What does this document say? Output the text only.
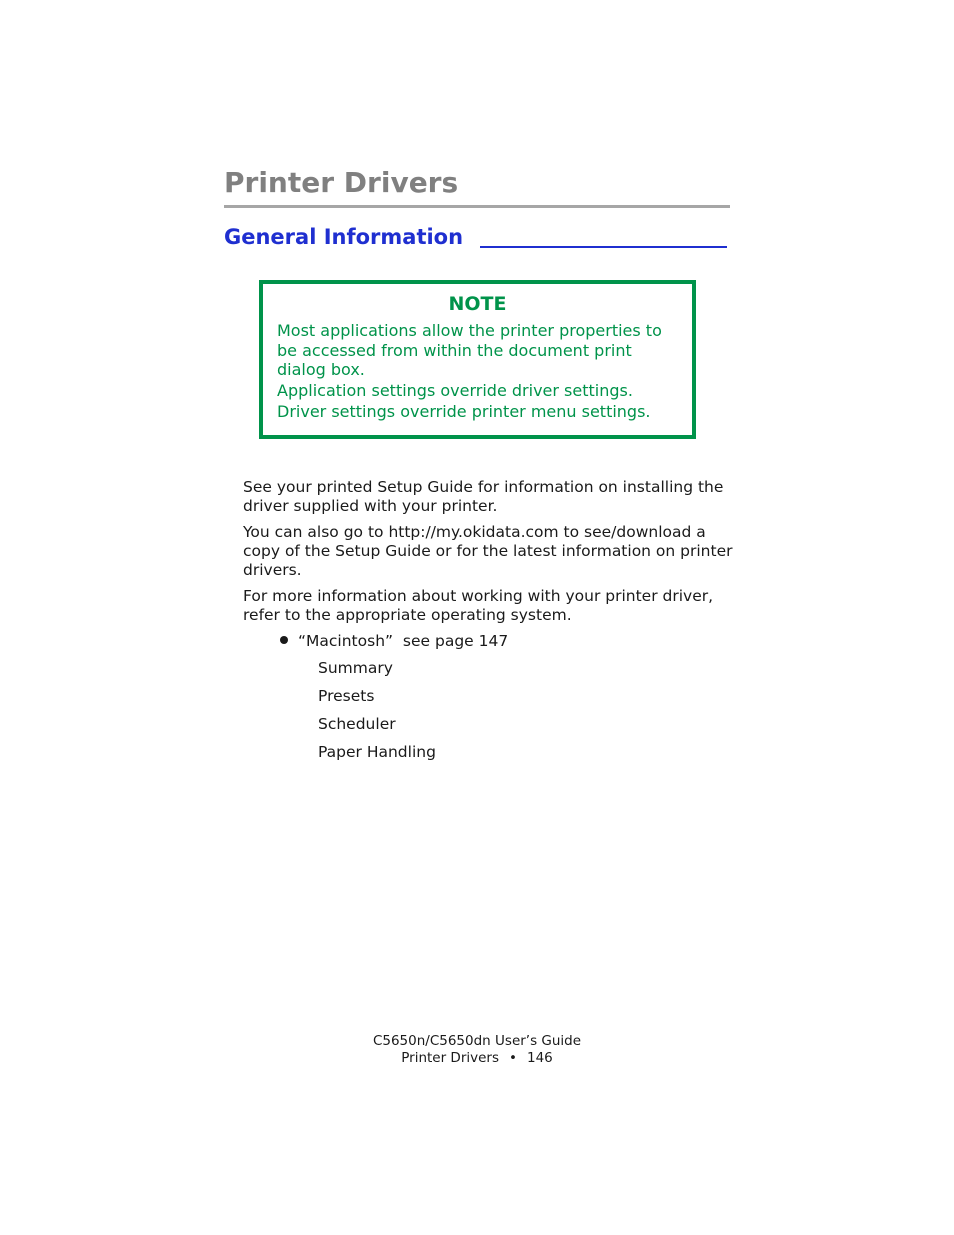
Printer Drivers
General Information
NOTE
Most applications allow the printer properties to be accessed from within the document print dialog box.
Application settings override driver settings.
Driver settings override printer menu settings.

See your printed Setup Guide for information on installing the driver supplied with your printer.

You can also go to http://my.okidata.com to see/download a copy of the Setup Guide or for the latest information on printer drivers.

For more information about working with your printer driver, refer to the appropriate operating system.

“Macintosh” see page 147
Summary
Presets
Scheduler
Paper Handling
C5650n/C5650dn User’s Guide
Printer Drivers • 146
